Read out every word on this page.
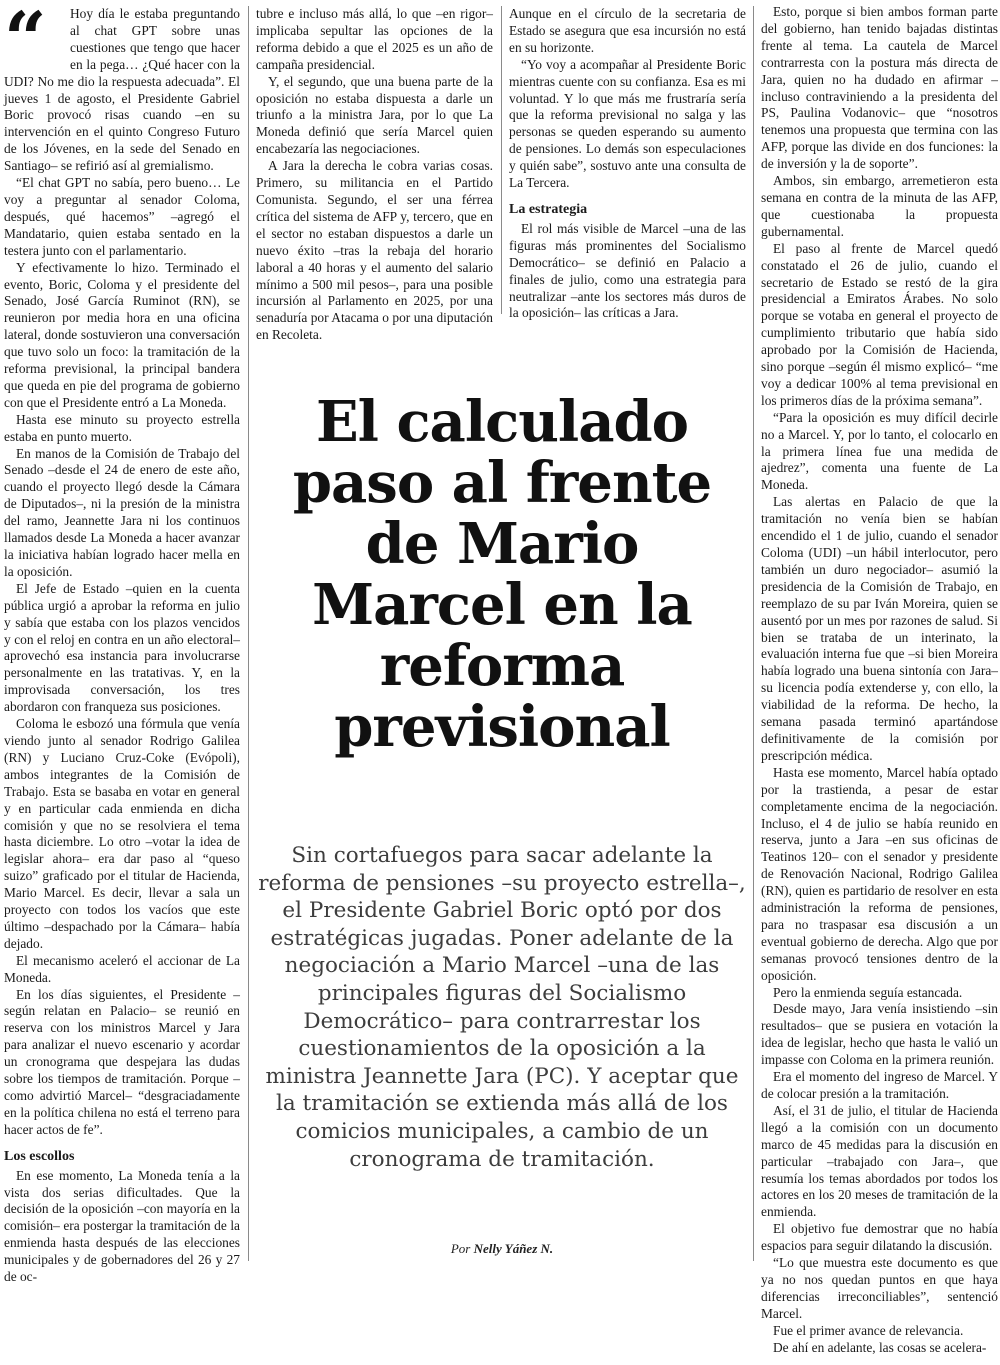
“	Hoy día le estaba preguntando al chat GPT sobre unas cuestiones que tengo que hacer en la pega… ¿Qué hacer con la UDI? No me dio la respuesta adecuada”. El jueves 1 de agosto, el Presidente Gabriel Boric provocó risas cuando –en su intervención en el quinto Congreso Futuro de los Jóvenes, en la sede del Senado en Santiago– se refirió así al gremialismo.

“El chat GPT no sabía, pero bueno… Le voy a preguntar al senador Coloma, después, qué hacemos” –agregó el Mandatario, quien estaba sentado en la testera junto con el parlamentario.

Y efectivamente lo hizo. Terminado el evento, Boric, Coloma y el presidente del Senado, José García Ruminot (RN), se reunieron por media hora en una oficina lateral, donde sostuvieron una conversación que tuvo solo un foco: la tramitación de la reforma previsional, la principal bandera que queda en pie del programa de gobierno con que el Presidente entró a La Moneda.

Hasta ese minuto su proyecto estrella estaba en punto muerto.

En manos de la Comisión de Trabajo del Senado –desde el 24 de enero de este año, cuando el proyecto llegó desde la Cámara de Diputados–, ni la presión de la ministra del ramo, Jeannette Jara ni los continuos llamados desde La Moneda a hacer avanzar la iniciativa habían logrado hacer mella en la oposición.

El Jefe de Estado –quien en la cuenta pública urgió a aprobar la reforma en julio y sabía que estaba con los plazos vencidos y con el reloj en contra en un año electoral– aprovechó esa instancia para involucrarse personalmente en las tratativas. Y, en la improvisada conversación, los tres abordaron con franqueza sus posiciones.

Coloma le esbozó una fórmula que venía viendo junto al senador Rodrigo Galilea (RN) y Luciano Cruz-Coke (Evópoli), ambos integrantes de la Comisión de Trabajo. Esta se basaba en votar en general y en particular cada enmienda en dicha comisión y que no se resolviera el tema hasta diciembre. Lo otro –votar la idea de legislar ahora– era dar paso al “queso suizo” graficado por el titular de Hacienda, Mario Marcel. Es decir, llevar a sala un proyecto con todos los vacíos que este último –despachado por la Cámara– había dejado.

El mecanismo aceleró el accionar de La Moneda.

En los días siguientes, el Presidente –según relatan en Palacio– se reunió en reserva con los ministros Marcel y Jara para analizar el nuevo escenario y acordar un cronograma que despejara las dudas sobre los tiempos de tramitación. Porque –como advirtió Marcel– “desgraciadamente en la política chilena no está el terreno para hacer actos de fe”.

Los escollos

En ese momento, La Moneda tenía a la vista dos serias dificultades. Que la decisión de la oposición –con mayoría en la comisión– era postergar la tramitación de la enmienda hasta después de las elecciones municipales y de gobernadores del 26 y 27 de oc-

tubre e incluso más allá, lo que –en rigor– implicaba sepultar las opciones de la reforma debido a que el 2025 es un año de campaña presidencial.

Y, el segundo, que una buena parte de la oposición no estaba dispuesta a darle un triunfo a la ministra Jara, por lo que La Moneda definió que sería Marcel quien encabezaría las negociaciones.

A Jara la derecha le cobra varias cosas. Primero, su militancia en el Partido Comunista. Segundo, el ser una férrea crítica del sistema de AFP y, tercero, que en el sector no estaban dispuestos a darle un nuevo éxito –tras la rebaja del horario laboral a 40 horas y el aumento del salario mínimo a 500 mil pesos–, para una posible incursión al Parlamento en 2025, por una senaduría por Atacama o por una diputación en Recoleta.

Aunque en el círculo de la secretaria de Estado se asegura que esa incursión no está en su horizonte.

“Yo voy a acompañar al Presidente Boric mientras cuente con su confianza. Esa es mi voluntad. Y lo que más me frustraría sería que la reforma previsional no salga y las personas se queden esperando su aumento de pensiones. Lo demás son especulaciones y quién sabe”, sostuvo ante una consulta de La Tercera.

La estrategia

El rol más visible de Marcel –una de las figuras más prominentes del Socialismo Democrático– se definió en Palacio a finales de julio, como una estrategia para neutralizar –ante los sectores más duros de la oposición– las críticas a Jara.

Esto, porque si bien ambos forman parte del gobierno, han tenido bajadas distintas frente al tema. La cautela de Marcel contrarresta con la postura más directa de Jara, quien no ha dudado en afirmar –incluso contraviniendo a la presidenta del PS, Paulina Vodanovic– que “nosotros tenemos una propuesta que termina con las AFP, porque las divide en dos funciones: la de inversión y la de soporte”.

Ambos, sin embargo, arremetieron esta semana en contra de la minuta de las AFP, que cuestionaba la propuesta gubernamental.

El paso al frente de Marcel quedó constatado el 26 de julio, cuando el secretario de Estado se restó de la gira presidencial a Emiratos Árabes. No solo porque se votaba en general el proyecto de cumplimiento tributario que había sido aprobado por la Comisión de Hacienda, sino porque –según él mismo explicó– “me voy a dedicar 100% al tema previsional en los primeros días de la próxima semana”.

“Para la oposición es muy difícil decirle no a Marcel. Y, por lo tanto, el colocarlo en la primera línea fue una medida de ajedrez”, comenta una fuente de La Moneda.

Las alertas en Palacio de que la tramitación no venía bien se habían encendido el 1 de julio, cuando el senador Coloma (UDI) –un hábil interlocutor, pero también un duro negociador– asumió la presidencia de la Comisión de Trabajo, en reemplazo de su par Iván Moreira, quien se ausentó por un mes por razones de salud. Si bien se trataba de un interinato, la evaluación interna fue que –si bien Moreira había logrado una buena sintonía con Jara– su licencia podía extenderse y, con ello, la viabilidad de la reforma. De hecho, la semana pasada terminó apartándose definitivamente de la comisión por prescripción médica.

Hasta ese momento, Marcel había optado por la trastienda, a pesar de estar completamente encima de la negociación. Incluso, el 4 de julio se había reunido en reserva, junto a Jara –en sus oficinas de Teatinos 120– con el senador y presidente de Renovación Nacional, Rodrigo Galilea (RN), quien es partidario de resolver en esta administración la reforma de pensiones, para no traspasar esa discusión a un eventual gobierno de derecha. Algo que por semanas provocó tensiones dentro de la oposición.

Pero la enmienda seguía estancada.

Desde mayo, Jara venía insistiendo –sin resultados– que se pusiera en votación la idea de legislar, hecho que hasta le valió un impasse con Coloma en la primera reunión.

Era el momento del ingreso de Marcel. Y de colocar presión a la tramitación.

Así, el 31 de julio, el titular de Hacienda llegó a la comisión con un documento marco de 45 medidas para la discusión en particular –trabajado con Jara–, que resumía los temas abordados por todos los actores en los 20 meses de tramitación de la enmienda.

El objetivo fue demostrar que no había espacios para seguir dilatando la discusión.

“Lo que muestra este documento es que ya no nos quedan puntos en que haya diferencias irreconciliables”, sentenció Marcel.

Fue el primer avance de relevancia.

De ahí en adelante, las cosas se acelera-

El calculado paso al frente de Mario Marcel en la reforma previsional

Sin cortafuegos para sacar adelante la reforma de pensiones –su proyecto estrella–, el Presidente Gabriel Boric optó por dos estratégicas jugadas. Poner adelante de la negociación a Mario Marcel –una de las principales figuras del Socialismo Democrático– para contrarrestar los cuestionamientos de la oposición a la ministra Jeannette Jara (PC). Y aceptar que la tramitación se extienda más allá de los comicios municipales, a cambio de un cronograma de tramitación.

Por Nelly Yáñez N.
